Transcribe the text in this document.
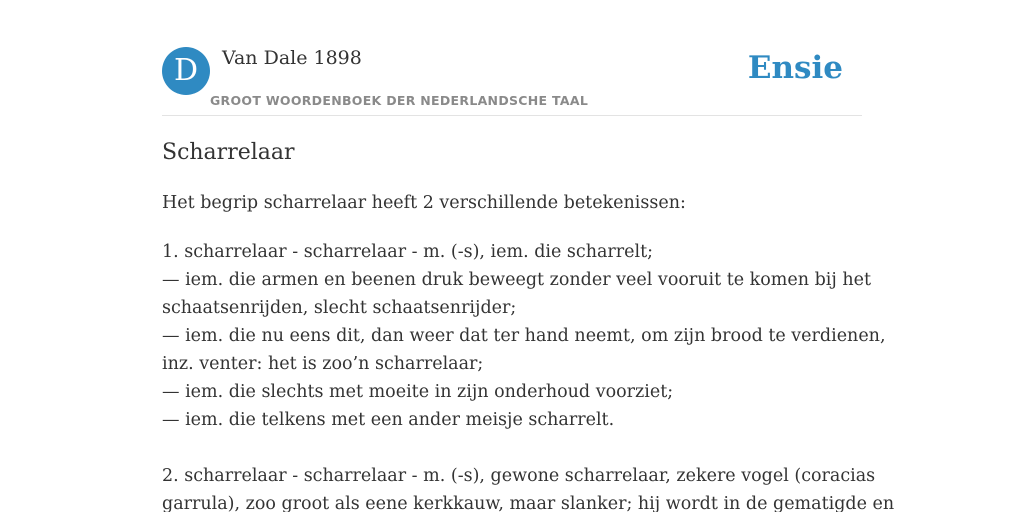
D	Van Dale 1898
GROOT WOORDENBOEK DER NEDERLANDSCHE TAAL
Ensie
Scharrelaar

Het begrip scharrelaar heeft 2 verschillende betekenissen:

1. scharrelaar - scharrelaar - m. (-s), iem. die scharrelt;
— iem. die armen en beenen druk beweegt zonder veel vooruit te komen bij het
schaatsenrijden, slecht schaatsenrijder;
— iem. die nu eens dit, dan weer dat ter hand neemt, om zijn brood te verdienen,
inz. venter: het is zoo’n scharrelaar;
— iem. die slechts met moeite in zijn onderhoud voorziet;
— iem. die telkens met een ander meisje scharrelt.
2. scharrelaar - scharrelaar - m. (-s), gewone scharrelaar, zekere vogel (coracias
garrula), zoo groot als eene kerkkauw, maar slanker; hij wordt in de gematigde en
